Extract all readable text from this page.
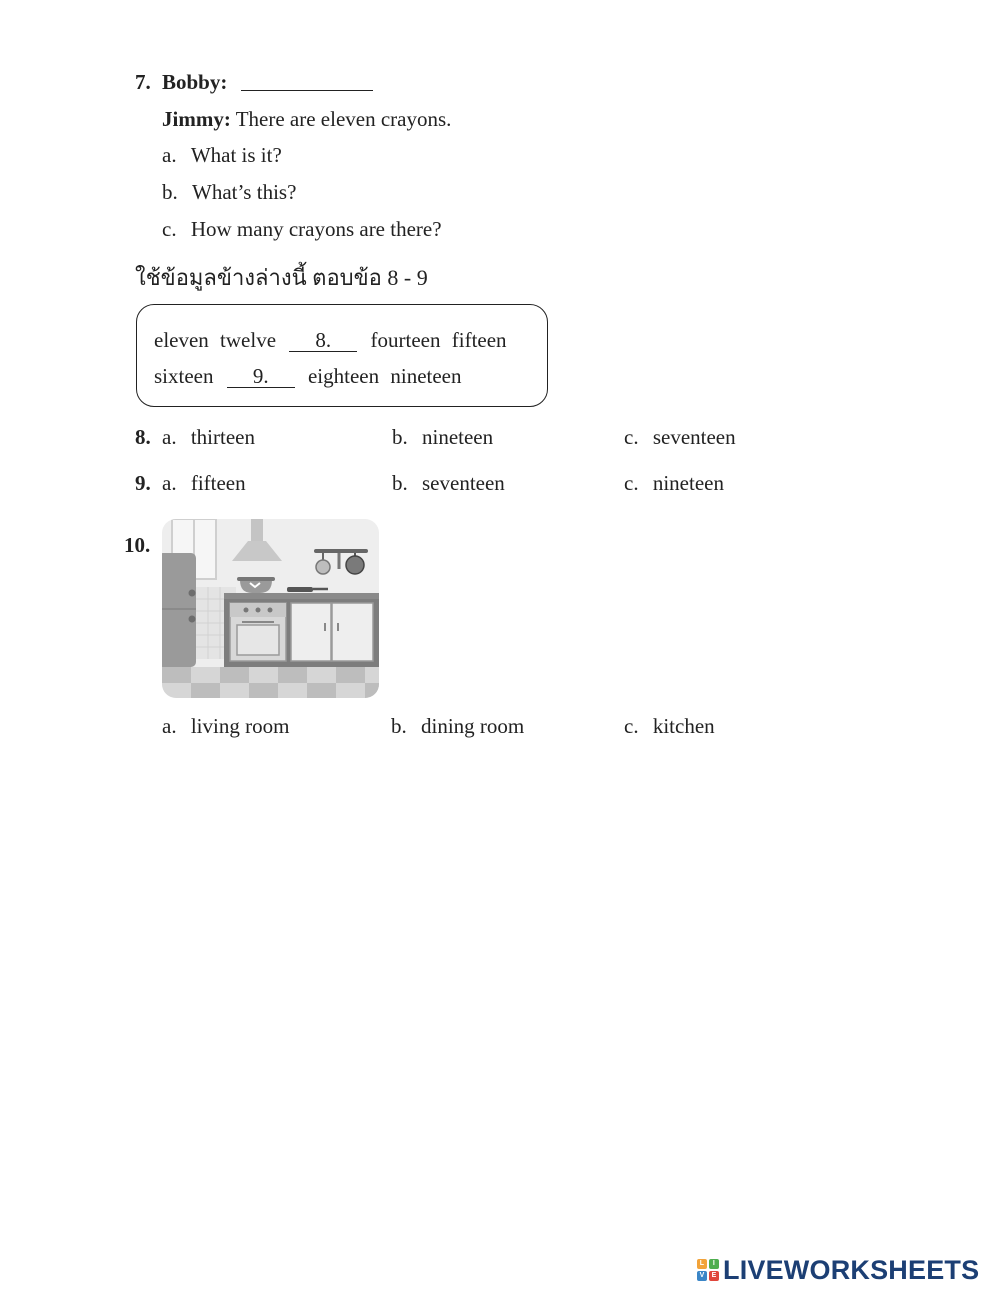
7. Bobby:
Jimmy: There are eleven crayons.
a. What is it?
b. What’s this?
c. How many crayons are there?
ใช้ข้อมูลข้างล่างนี้ ตอบข้อ 8 - 9
eleven twelve 8. fourteen fifteen
sixteen 9. eighteen nineteen
8. a. thirteen	b. nineteen	c. seventeen
9. a. fifteen	b. seventeen	c. nineteen
10.
a. living room	b. dining room	c. kitchen
L	I
V	E LIVEWORKSHEETS
